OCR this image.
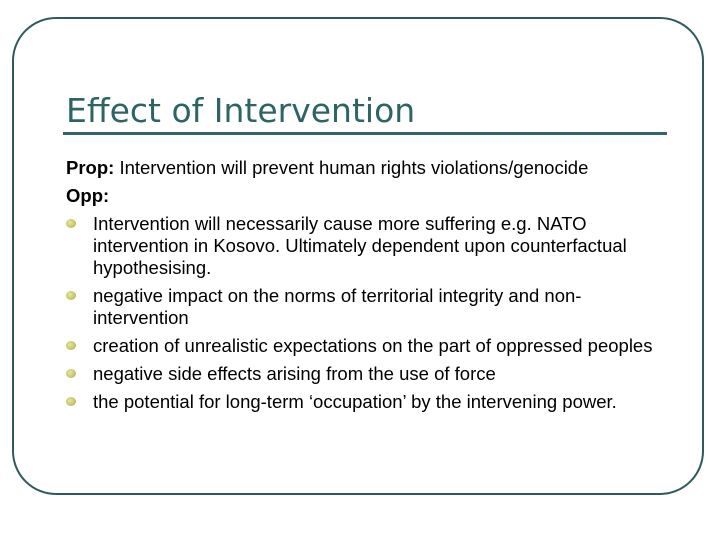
Effect of Intervention

Prop: Intervention will prevent human rights violations/genocide

Opp:

Intervention will necessarily cause more suffering e.g. NATO intervention in Kosovo. Ultimately dependent upon counterfactual hypothesising.
negative impact on the norms of territorial integrity and non-intervention
creation of unrealistic expectations on the part of oppressed peoples
negative side effects arising from the use of force
the potential for long-term ‘occupation’ by the intervening power.
